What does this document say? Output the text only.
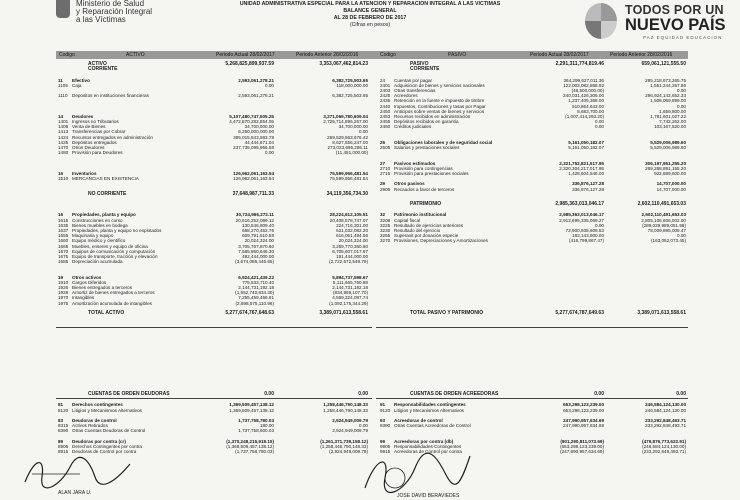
Ministerio de Salud
y Reparación Integral
a las Víctimas
UNIDAD ADMINISTRATIVA ESPECIAL PARA LA ATENCION Y REPARACION INTEGRAL A LAS VICTIMAS
BALANCE GENERAL
AL 28 DE FEBRERO DE 2017
(Cifras en pesos)
TODOS POR UN
NUEVO PAÍS
PAZ EQUIDAD EDUCACION
Codigo	ACTIVO	Periodo Actual 28/02/2017	Periodo Anterior 28/02/2016	Codigo	PASIVO	Periodo Actual 28/02/2017	Periodo Anterior 28/02/2016
ACTIVO	5,268,825,899,937.59	3,353,067,462,814.23
CORRIENTE
11 Efectivo	2,593,061,278.21	6,382,725,503.65
1105 Caja	0.00	118,000,000.00
1110 Depositos en instituciones financieras	2,593,061,278.21	6,382,725,503.65
14 Deudores	5,107,480,747,505.25	3,271,069,780,609.04
1401 Ingresos no Tributarios	4,472,870,282,854.05	2,725,714,896,267.00
1406 Venta de Bienes	34,700,000.00	34,700,000.00
1413 Transferencias por Cobrar	6,250,000,000.00	0.00
1424 Recursos entregados en administración	385,015,543,583.78	259,529,563,676.42
1425 Depósitos entregados	44,444,671.04	8,627,556,247.00
1470 Otros Deudores	237,735,095,956.58	273,023,695,286.11
1480 Provisión para Deudores	0.00	(11,451,000.00)
15 Inventarios	126,962,061,163.54	75,599,956,481.54
1510 MERCANCIAS EN EXISTENCIA	126,962,061,163.54	75,599,956,481.54
NO CORRIENTE	37,648,987,711.33	34,119,356,734.30
16 Propiedades, planta y equipo	30,724,966,272.11	28,224,612,105.51
1615 Construcciones en curso	20,616,252,089.12	20,408,578,747.07
1635 Bienes muebles en bodega	130,546,809.40	224,716,301.00
1637 Propiedades, planta y equipo no explotados	658,270,452.76	521,032,082.20
1655 Maquinaria y equipo	609,791,510.58	616,051,494.56
1660 Equipo médico y científico	20,024,324.00	20,024,324.00
1665 Muebles, enseres y equipo de oficina	3,705,767,870.60	3,259,770,360.80
1670 Equipos de comunicación y computación	7,585,860,646.30	6,705,607,017.97
1675 Equipo de transporte, tracción y elevación	492,444,000.00	191,444,000.00
1685 Depreciación acumulada	(3,674,086,446.65)	(2,722,572,549.79)
19 Otros activos	6,924,421,439.22	5,894,737,598.67
1910 Cargos Diferidos	775,533,710.40	5,111,665,760.88
1926 Bienes entregados a terceros	2,144,731,192.18	2,144,731,192.18
1928 Amortiz de bienes entregados a terceros	(1,552,740,834.30)	(834,969,107.70)
1970 Intangibles	7,255,459,466.81	4,569,324,097.74
1975 Amortización acumulada de intangibles	(2,698,575,110.96)	(1,092,175,344.29)
TOTAL ACTIVO	5,277,674,767,648.63	3,389,071,613,558.61
PASIVO	2,291,311,774,819.46	659,061,121,555.50
CORRIENTE
24 Cuentas por pagar	364,299,627,011.36	285,218,673,265.75
2401 Adquisicion de bienes y servicios nacionales	122,003,082,868.92	1,551,244,267.86
2403 Otras transferencias	(46,500,000.00)	0.00
2425 Acreedores	240,031,426,306.00	296,924,142,652.33
2436 Retención en la fuente e impuesto de timbre	1,237,405,368.00	1,508,069,899.00
2440 Impuestos, Contribuciones y tasas por Pagar	510,864,643.00	0.00
2450 Anticipos sobre ventas de bienes y servicios	8,683,700.00	1,659,800.00
2453 Recursos recibidos en administración	(1,007,414,293.20)	1,781,601,027.22
2455 Depósitos recibidos en garantía	0.00	7,742,262.00
2460 Créditos judiciales	0.00	103,167,520.00
25 Obligaciones laborales y de seguridad social	5,161,050,182.07	5,529,006,989.60
2505 Salarios y prestaciones sociales	5,161,050,182.07	5,529,006,989.60
27 Pasivos estimados	2,321,752,821,517.95	306,197,951,255.20
2710 Provisión para contingencias	2,320,304,217,017.95	269,268,891,155.20
2715 Provisión para prestaciones sociales	1,428,604,546.00	922,889,600.00
29 Otros pasivos	336,876,127.28	14,707,000.00
2905 Recaudos a favor de terceros	336,876,127.28	14,707,000.00
PATRIMONIO	2,985,363,013,046.17	2,602,110,491,653.03
32 Patrimonio institucional	2,985,363,013,046.17	2,602,110,491,653.03
3208 Capital fiscal	2,912,695,335,069.27	2,805,106,606,002.00
3225 Resultado de ejercicios anteriores	0.00	(289,029,989,051.98)
3230 Resultado del ejercicio	72,900,935,608.53	78,009,895,009.47
3255 Superavit por donación especie	183,143,800.00	0.00
3270 Provisiones, Depreciaciones y Amortizaciones	(416,799,867.47)	(163,052,073.45)
TOTAL PASIVO Y PATRIMONIO	5,277,674,787,649.63	3,389,071,613,558.61
CUENTAS DE ORDEN DEUDORAS	0.00	0.00
81 Derechos contingentes	1,369,509,457,138.12	1,258,446,790,148.33
8120 Litigios y Mecanismos Alternativos	1,369,509,457,138.12	1,258,446,790,148.33
83 Deudoras de control	1,737,758,780.03	2,924,949,009.79
8315 Activos Retirados	180.00	0.00
8390 Otras Cuentas Deudoras de Control	1,737,758,600.03	2,924,949,009.79
89 Deudoras por contra (cr)	(1,370,248,215,918.15)	(1,261,371,739,158.12)
8905 Derechos Contingentes por contra	(1,368,509,457,138.12)	(1,258,446,790,148.33)
8915 Deudoras de Control por contra	(1,737,758,780.03)	(2,924,949,009.79)
CUENTAS DE ORDEN ACREEDORAS	0.00	0.00
91 Responsabilidades contingentes	653,298,123,239.00	246,584,124,130.00
9120 Litigios y Mecanismos Alternativos	653,298,123,239.00	246,584,124,130.00
93 Acreedoras de control	247,990,957,634.69	233,292,848,493.71
9390 Otras Cuentas Acreedoras de Control	247,990,957,634.69	233,292,848,493.71
99 Acreedoras por contra (db)	(901,290,811,073.69)	(479,876,773,622.91)
9905 Responsabilidades Contingentes	(653,298,123,239.00)	(246,584,124,130.00)
9915 Acreedoras de Control por contra	(247,990,957,634.69)	(233,292,649,493.71)
ALAN JARA U.	JOSE DAVID BERAVIEDES
